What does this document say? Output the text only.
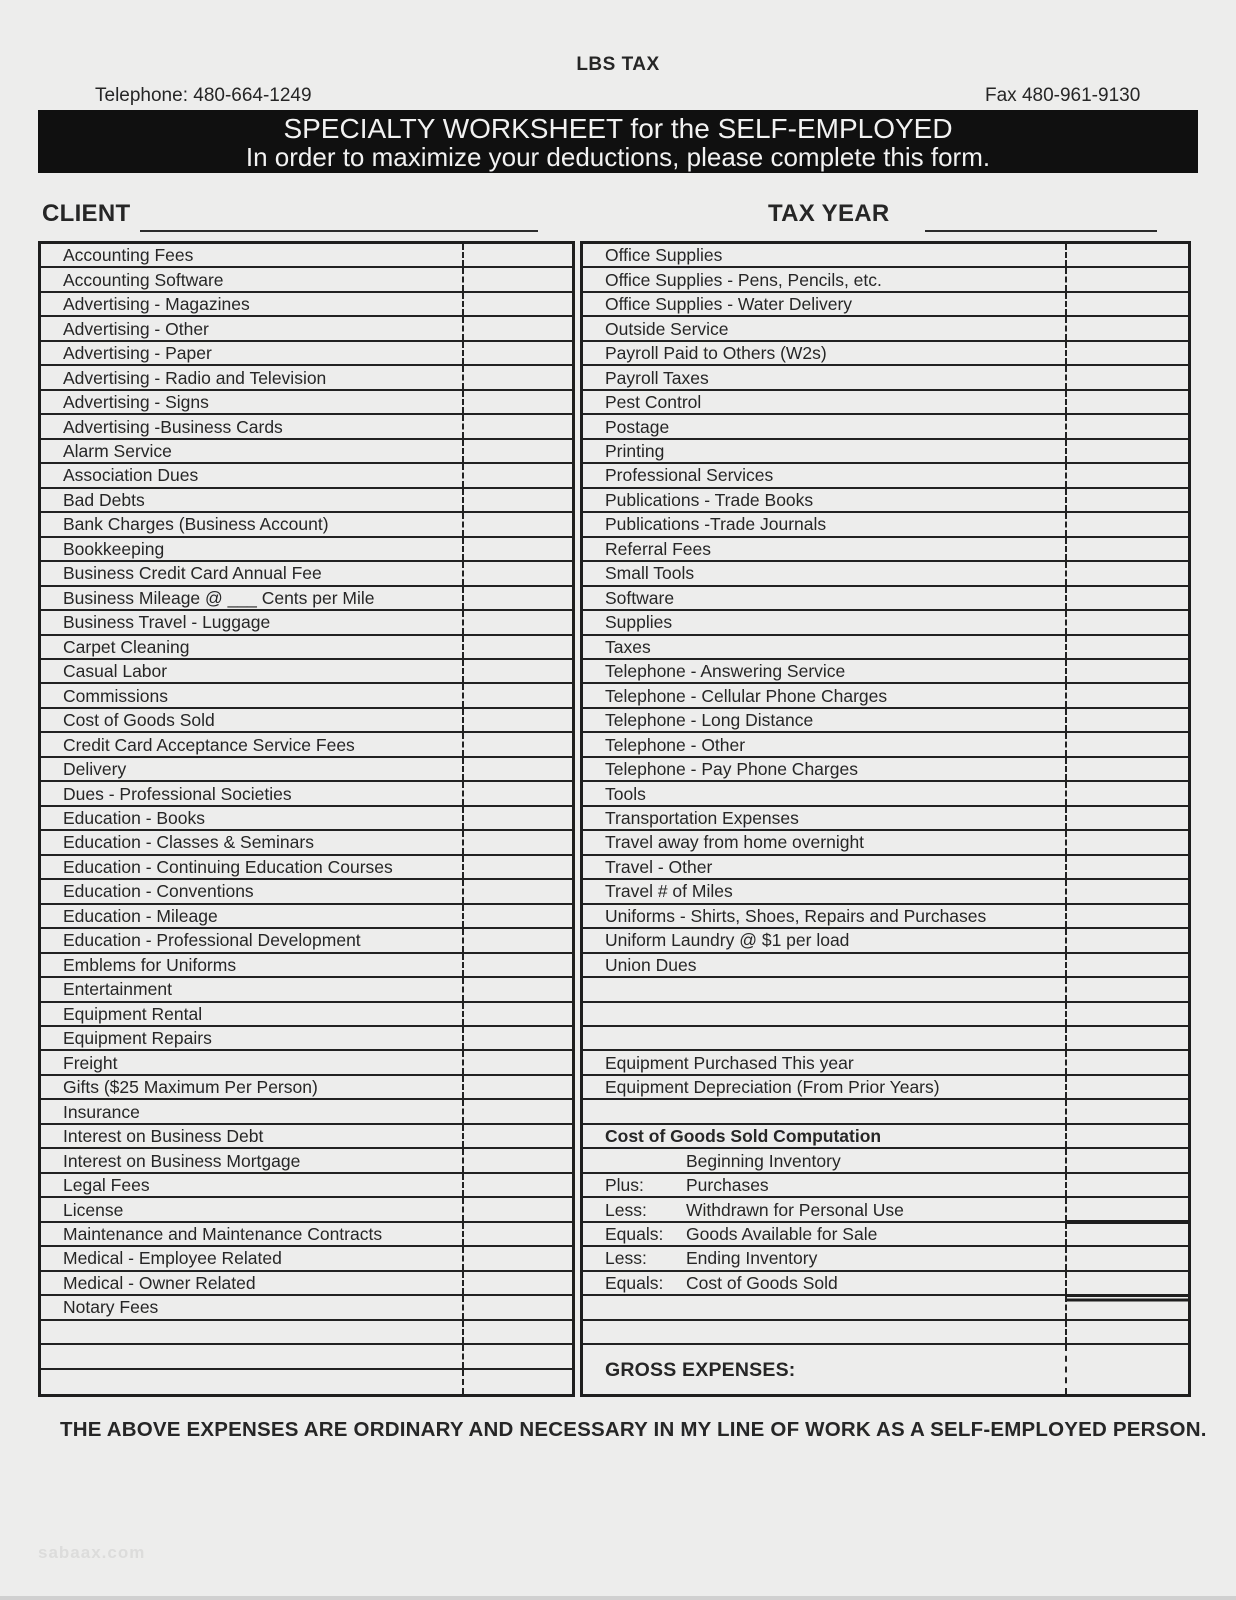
LBS TAX
Telephone: 480-664-1249	Fax 480-961-9130
SPECIALTY WORKSHEET for the SELF-EMPLOYED
In order to maximize your deductions, please complete this form.
CLIENT	TAX YEAR
Accounting Fees
Accounting Software
Advertising - Magazines
Advertising - Other
Advertising - Paper
Advertising - Radio and Television
Advertising - Signs
Advertising -Business Cards
Alarm Service
Association Dues
Bad Debts
Bank Charges (Business Account)
Bookkeeping
Business Credit Card Annual Fee
Business Mileage @ ___ Cents per Mile
Business Travel - Luggage
Carpet Cleaning
Casual Labor
Commissions
Cost of Goods Sold
Credit Card Acceptance Service Fees
Delivery
Dues - Professional Societies
Education - Books
Education - Classes & Seminars
Education - Continuing Education Courses
Education - Conventions
Education - Mileage
Education - Professional Development
Emblems for Uniforms
Entertainment
Equipment Rental
Equipment Repairs
Freight
Gifts ($25 Maximum Per Person)
Insurance
Interest on Business Debt
Interest on Business Mortgage
Legal Fees
License
Maintenance and Maintenance Contracts
Medical - Employee Related
Medical - Owner Related
Notary Fees
Office Supplies
Office Supplies - Pens, Pencils, etc.
Office Supplies - Water Delivery
Outside Service
Payroll Paid to Others (W2s)
Payroll Taxes
Pest Control
Postage
Printing
Professional Services
Publications - Trade Books
Publications -Trade Journals
Referral Fees
Small Tools
Software
Supplies
Taxes
Telephone - Answering Service
Telephone - Cellular Phone Charges
Telephone - Long Distance
Telephone - Other
Telephone - Pay Phone Charges
Tools
Transportation Expenses
Travel away from home overnight
Travel - Other
Travel # of Miles
Uniforms - Shirts, Shoes, Repairs and Purchases
Uniform Laundry @ $1 per load
Union Dues
Equipment Purchased This year
Equipment Depreciation (From Prior Years)
Cost of Goods Sold Computation
Beginning Inventory
Plus:	Purchases
Less:	Withdrawn for Personal Use
Equals:	Goods Available for Sale
Less:	Ending Inventory
Equals:	Cost of Goods Sold
GROSS EXPENSES:
THE ABOVE EXPENSES ARE ORDINARY AND NECESSARY IN MY LINE OF WORK AS A SELF-EMPLOYED PERSON.
sabaax.com
